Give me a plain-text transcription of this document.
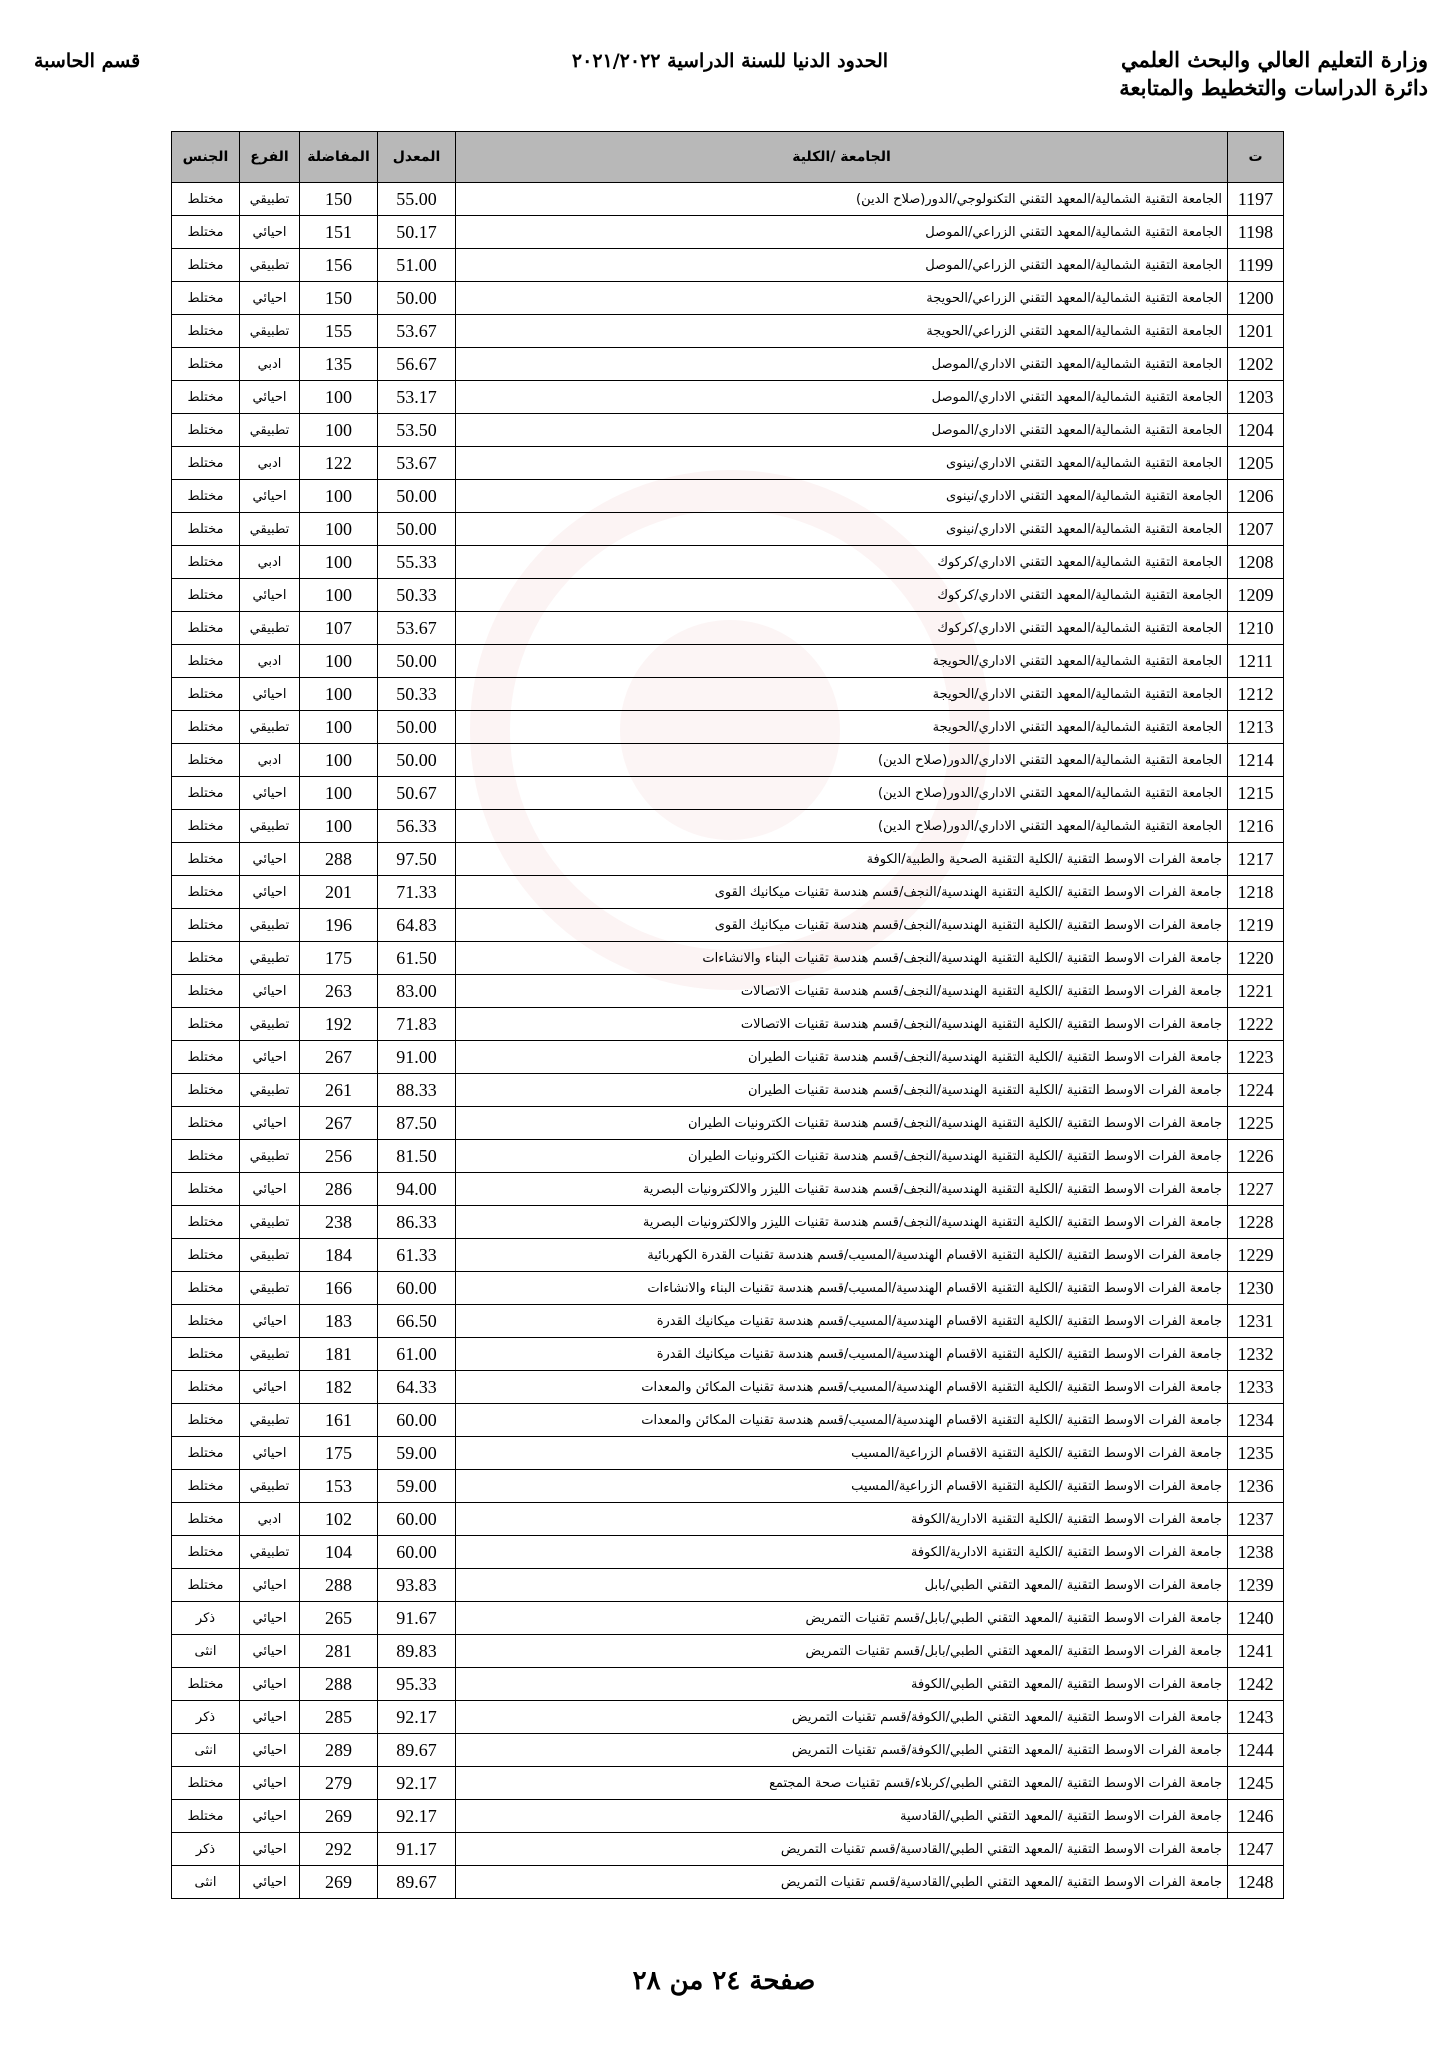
وزارة التعليم العالي والبحث العلمي
دائرة الدراسات والتخطيط والمتابعة
الحدود الدنيا للسنة الدراسية ٢٠٢١/٢٠٢٢
قسم الحاسبة
ت	الجامعة /الكلية	المعدل	المفاضلة	الفرع	الجنس
1197	الجامعة التقنية الشمالية/المعهد التقني التكنولوجي/الدور(صلاح الدين)	55.00	150	تطبيقي	مختلط
1198	الجامعة التقنية الشمالية/المعهد التقني الزراعي/الموصل	50.17	151	احيائي	مختلط
1199	الجامعة التقنية الشمالية/المعهد التقني الزراعي/الموصل	51.00	156	تطبيقي	مختلط
1200	الجامعة التقنية الشمالية/المعهد التقني الزراعي/الحويجة	50.00	150	احيائي	مختلط
1201	الجامعة التقنية الشمالية/المعهد التقني الزراعي/الحويجة	53.67	155	تطبيقي	مختلط
1202	الجامعة التقنية الشمالية/المعهد التقني الاداري/الموصل	56.67	135	ادبي	مختلط
1203	الجامعة التقنية الشمالية/المعهد التقني الاداري/الموصل	53.17	100	احيائي	مختلط
1204	الجامعة التقنية الشمالية/المعهد التقني الاداري/الموصل	53.50	100	تطبيقي	مختلط
1205	الجامعة التقنية الشمالية/المعهد التقني الاداري/نينوى	53.67	122	ادبي	مختلط
1206	الجامعة التقنية الشمالية/المعهد التقني الاداري/نينوى	50.00	100	احيائي	مختلط
1207	الجامعة التقنية الشمالية/المعهد التقني الاداري/نينوى	50.00	100	تطبيقي	مختلط
1208	الجامعة التقنية الشمالية/المعهد التقني الاداري/كركوك	55.33	100	ادبي	مختلط
1209	الجامعة التقنية الشمالية/المعهد التقني الاداري/كركوك	50.33	100	احيائي	مختلط
1210	الجامعة التقنية الشمالية/المعهد التقني الاداري/كركوك	53.67	107	تطبيقي	مختلط
1211	الجامعة التقنية الشمالية/المعهد التقني الاداري/الحويجة	50.00	100	ادبي	مختلط
1212	الجامعة التقنية الشمالية/المعهد التقني الاداري/الحويجة	50.33	100	احيائي	مختلط
1213	الجامعة التقنية الشمالية/المعهد التقني الاداري/الحويجة	50.00	100	تطبيقي	مختلط
1214	الجامعة التقنية الشمالية/المعهد التقني الاداري/الدور(صلاح الدين)	50.00	100	ادبي	مختلط
1215	الجامعة التقنية الشمالية/المعهد التقني الاداري/الدور(صلاح الدين)	50.67	100	احيائي	مختلط
1216	الجامعة التقنية الشمالية/المعهد التقني الاداري/الدور(صلاح الدين)	56.33	100	تطبيقي	مختلط
1217	جامعة الفرات الاوسط التقنية /الكلية التقنية الصحية والطبية/الكوفة	97.50	288	احيائي	مختلط
1218	جامعة الفرات الاوسط التقنية /الكلية التقنية الهندسية/النجف/قسم هندسة تقنيات ميكانيك القوى	71.33	201	احيائي	مختلط
1219	جامعة الفرات الاوسط التقنية /الكلية التقنية الهندسية/النجف/قسم هندسة تقنيات ميكانيك القوى	64.83	196	تطبيقي	مختلط
1220	جامعة الفرات الاوسط التقنية /الكلية التقنية الهندسية/النجف/قسم هندسة تقنيات البناء والانشاءات	61.50	175	تطبيقي	مختلط
1221	جامعة الفرات الاوسط التقنية /الكلية التقنية الهندسية/النجف/قسم هندسة تقنيات الاتصالات	83.00	263	احيائي	مختلط
1222	جامعة الفرات الاوسط التقنية /الكلية التقنية الهندسية/النجف/قسم هندسة تقنيات الاتصالات	71.83	192	تطبيقي	مختلط
1223	جامعة الفرات الاوسط التقنية /الكلية التقنية الهندسية/النجف/قسم هندسة تقنيات الطيران	91.00	267	احيائي	مختلط
1224	جامعة الفرات الاوسط التقنية /الكلية التقنية الهندسية/النجف/قسم هندسة تقنيات الطيران	88.33	261	تطبيقي	مختلط
1225	جامعة الفرات الاوسط التقنية /الكلية التقنية الهندسية/النجف/قسم هندسة تقنيات الكترونيات الطيران	87.50	267	احيائي	مختلط
1226	جامعة الفرات الاوسط التقنية /الكلية التقنية الهندسية/النجف/قسم هندسة تقنيات الكترونيات الطيران	81.50	256	تطبيقي	مختلط
1227	جامعة الفرات الاوسط التقنية /الكلية التقنية الهندسية/النجف/قسم هندسة تقنيات الليزر والالكترونيات البصرية	94.00	286	احيائي	مختلط
1228	جامعة الفرات الاوسط التقنية /الكلية التقنية الهندسية/النجف/قسم هندسة تقنيات الليزر والالكترونيات البصرية	86.33	238	تطبيقي	مختلط
1229	جامعة الفرات الاوسط التقنية /الكلية التقنية الاقسام الهندسية/المسيب/قسم هندسة تقنيات القدرة الكهربائية	61.33	184	تطبيقي	مختلط
1230	جامعة الفرات الاوسط التقنية /الكلية التقنية الاقسام الهندسية/المسيب/قسم هندسة تقنيات البناء والانشاءات	60.00	166	تطبيقي	مختلط
1231	جامعة الفرات الاوسط التقنية /الكلية التقنية الاقسام الهندسية/المسيب/قسم هندسة تقنيات ميكانيك القدرة	66.50	183	احيائي	مختلط
1232	جامعة الفرات الاوسط التقنية /الكلية التقنية الاقسام الهندسية/المسيب/قسم هندسة تقنيات ميكانيك القدرة	61.00	181	تطبيقي	مختلط
1233	جامعة الفرات الاوسط التقنية /الكلية التقنية الاقسام الهندسية/المسيب/قسم هندسة تقنيات المكائن والمعدات	64.33	182	احيائي	مختلط
1234	جامعة الفرات الاوسط التقنية /الكلية التقنية الاقسام الهندسية/المسيب/قسم هندسة تقنيات المكائن والمعدات	60.00	161	تطبيقي	مختلط
1235	جامعة الفرات الاوسط التقنية /الكلية التقنية الاقسام الزراعية/المسيب	59.00	175	احيائي	مختلط
1236	جامعة الفرات الاوسط التقنية /الكلية التقنية الاقسام الزراعية/المسيب	59.00	153	تطبيقي	مختلط
1237	جامعة الفرات الاوسط التقنية /الكلية التقنية الادارية/الكوفة	60.00	102	ادبي	مختلط
1238	جامعة الفرات الاوسط التقنية /الكلية التقنية الادارية/الكوفة	60.00	104	تطبيقي	مختلط
1239	جامعة الفرات الاوسط التقنية /المعهد التقني الطبي/بابل	93.83	288	احيائي	مختلط
1240	جامعة الفرات الاوسط التقنية /المعهد التقني الطبي/بابل/قسم تقنيات التمريض	91.67	265	احيائي	ذكر
1241	جامعة الفرات الاوسط التقنية /المعهد التقني الطبي/بابل/قسم تقنيات التمريض	89.83	281	احيائي	انثى
1242	جامعة الفرات الاوسط التقنية /المعهد التقني الطبي/الكوفة	95.33	288	احيائي	مختلط
1243	جامعة الفرات الاوسط التقنية /المعهد التقني الطبي/الكوفة/قسم تقنيات التمريض	92.17	285	احيائي	ذكر
1244	جامعة الفرات الاوسط التقنية /المعهد التقني الطبي/الكوفة/قسم تقنيات التمريض	89.67	289	احيائي	انثى
1245	جامعة الفرات الاوسط التقنية /المعهد التقني الطبي/كربلاء/قسم تقنيات صحة المجتمع	92.17	279	احيائي	مختلط
1246	جامعة الفرات الاوسط التقنية /المعهد التقني الطبي/القادسية	92.17	269	احيائي	مختلط
1247	جامعة الفرات الاوسط التقنية /المعهد التقني الطبي/القادسية/قسم تقنيات التمريض	91.17	292	احيائي	ذكر
1248	جامعة الفرات الاوسط التقنية /المعهد التقني الطبي/القادسية/قسم تقنيات التمريض	89.67	269	احيائي	انثى
صفحة ٢٤ من ٢٨
